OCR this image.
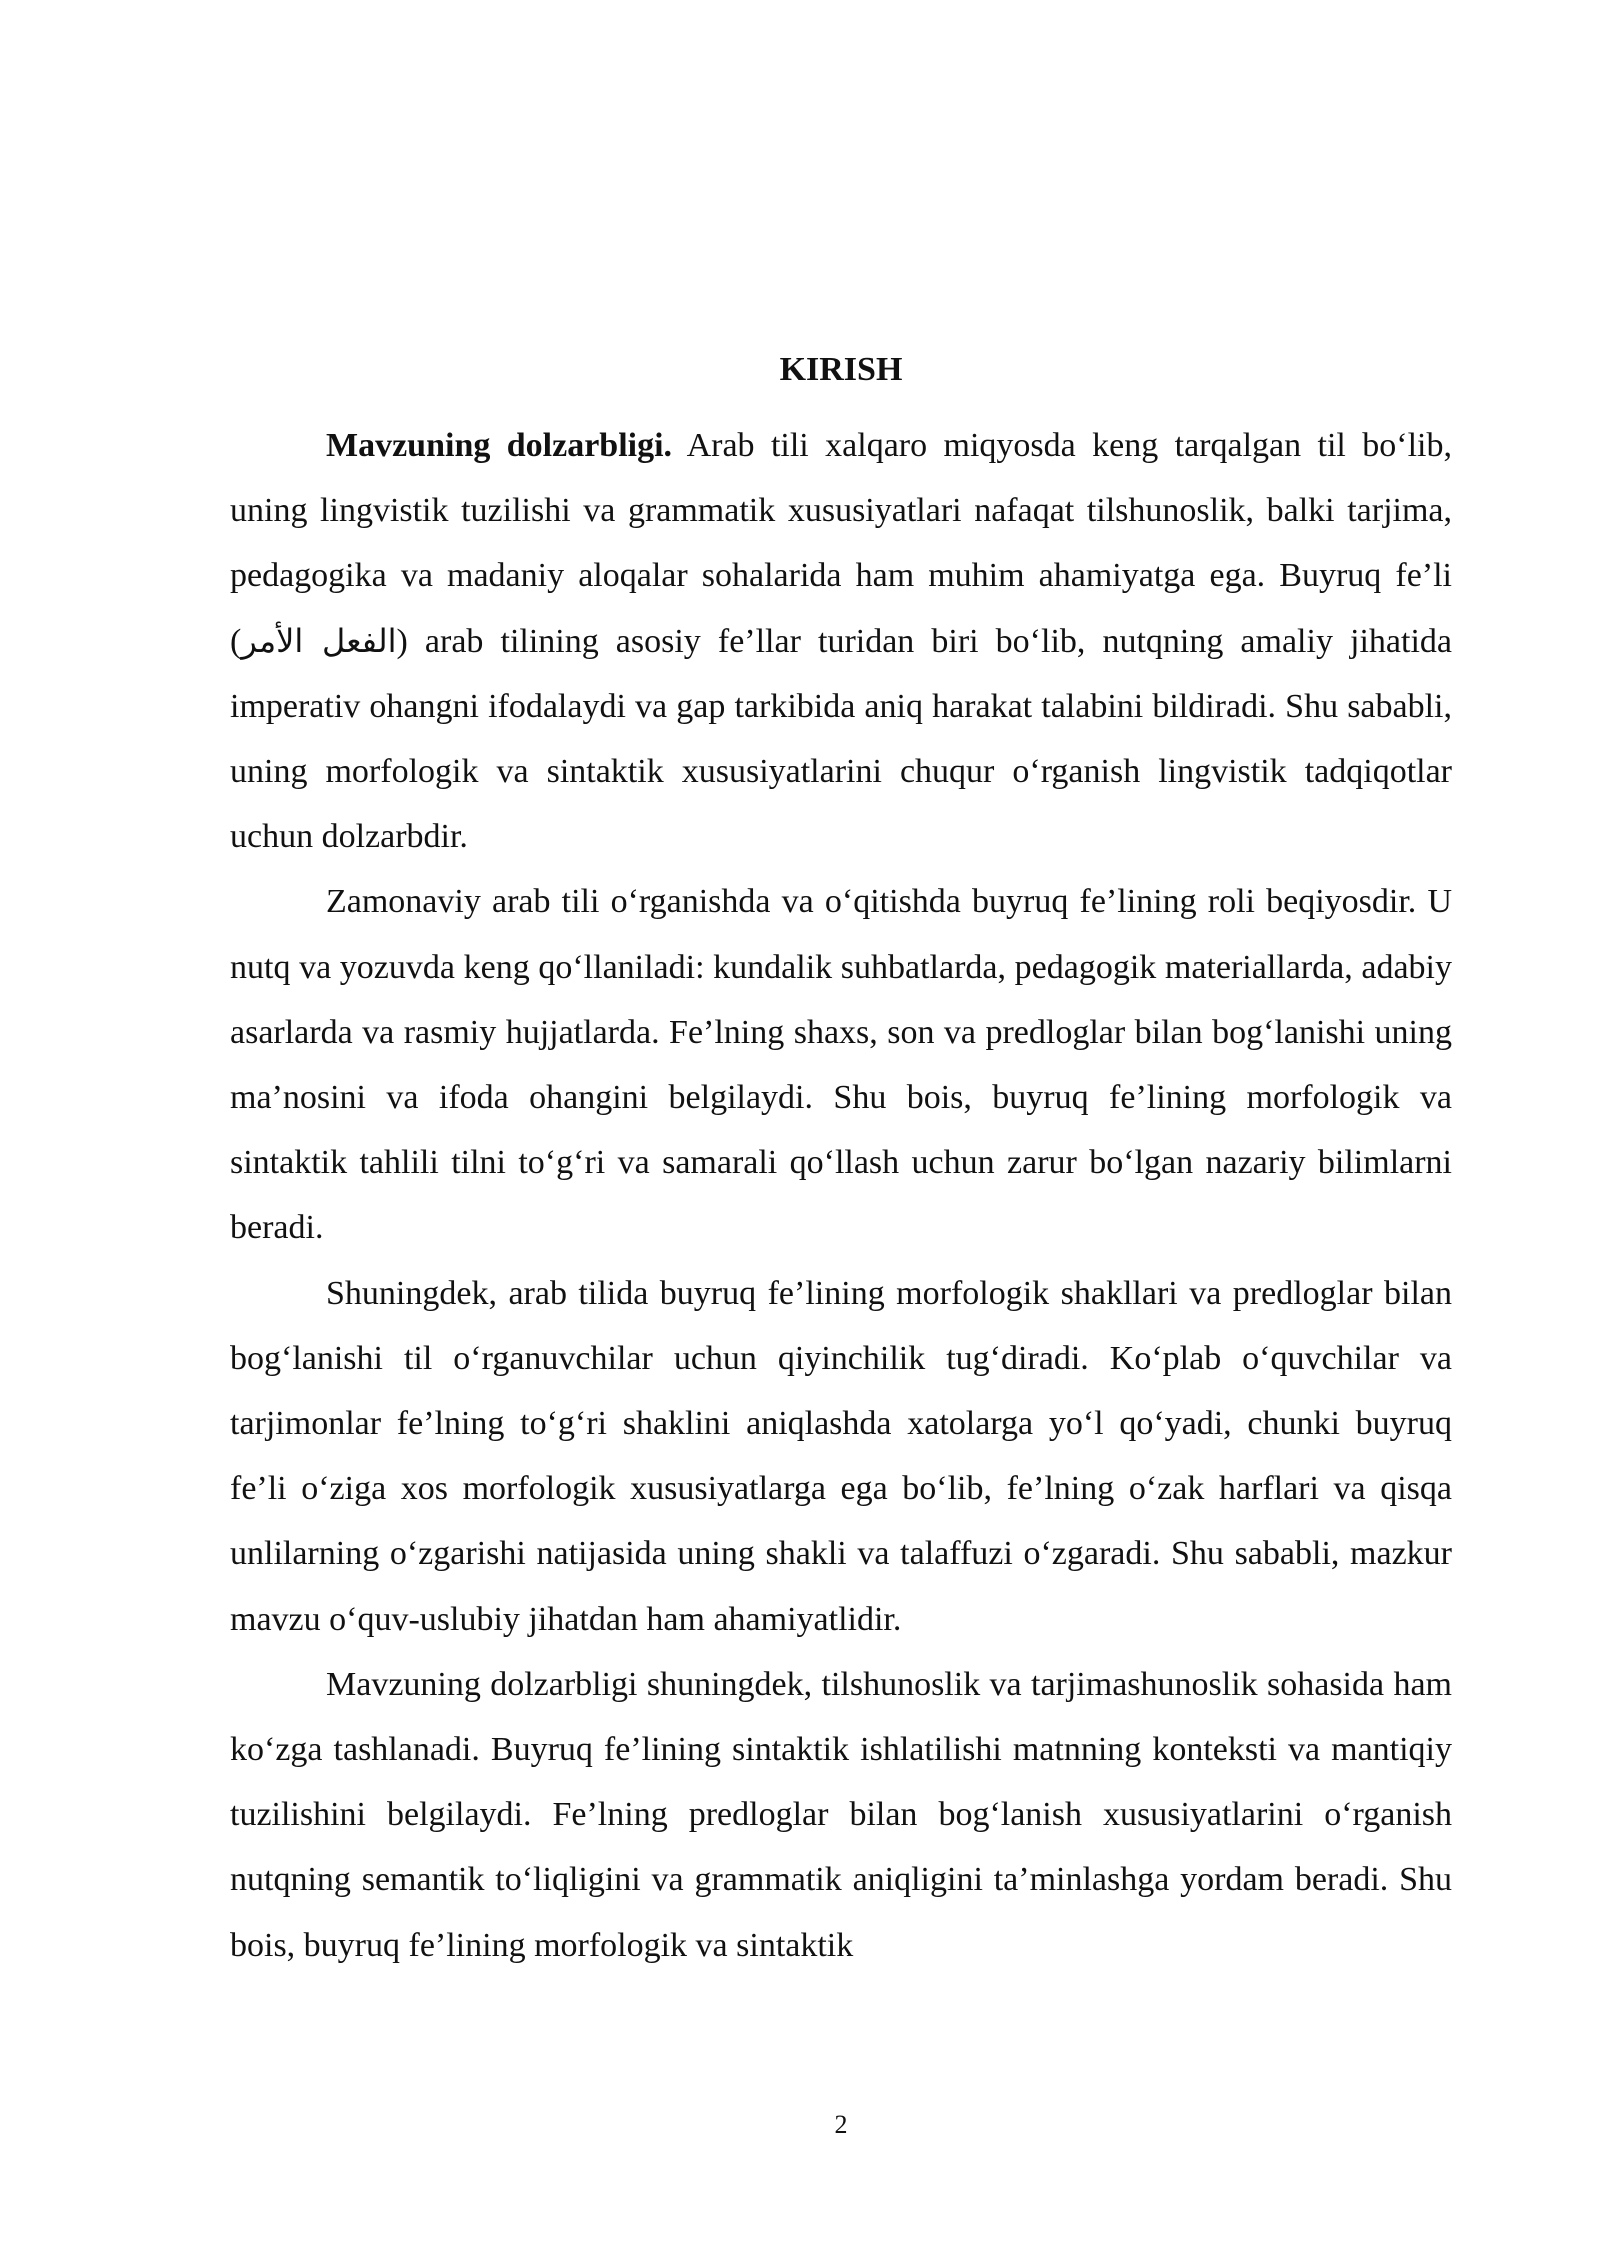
KIRISH

Mavzuning dolzarbligi. Arab tili xalqaro miqyosda keng tarqalgan til bo‘lib, uning lingvistik tuzilishi va grammatik xususiyatlari nafaqat tilshunoslik, balki tarjima, pedagogika va madaniy aloqalar sohalarida ham muhim ahamiyatga ega. Buyruq fe’li (الفعل الأمر) arab tilining asosiy fe’llar turidan biri bo‘lib, nutqning amaliy jihatida imperativ ohangni ifodalaydi va gap tarkibida aniq harakat talabini bildiradi. Shu sababli, uning morfologik va sintaktik xususiyatlarini chuqur o‘rganish lingvistik tadqiqotlar uchun dolzarbdir.

Zamonaviy arab tili o‘rganishda va o‘qitishda buyruq fe’lining roli beqiyosdir. U nutq va yozuvda keng qo‘llaniladi: kundalik suhbatlarda, pedagogik materiallarda, adabiy asarlarda va rasmiy hujjatlarda. Fe’lning shaxs, son va predloglar bilan bog‘lanishi uning ma’nosini va ifoda ohangini belgilaydi. Shu bois, buyruq fe’lining morfologik va sintaktik tahlili tilni to‘g‘ri va samarali qo‘llash uchun zarur bo‘lgan nazariy bilimlarni beradi.

Shuningdek, arab tilida buyruq fe’lining morfologik shakllari va predloglar bilan bog‘lanishi til o‘rganuvchilar uchun qiyinchilik tug‘diradi. Ko‘plab o‘quvchilar va tarjimonlar fe’lning to‘g‘ri shaklini aniqlashda xatolarga yo‘l qo‘yadi, chunki buyruq fe’li o‘ziga xos morfologik xususiyatlarga ega bo‘lib, fe’lning o‘zak harflari va qisqa unlilarning o‘zgarishi natijasida uning shakli va talaffuzi o‘zgaradi. Shu sababli, mazkur mavzu o‘quv-uslubiy jihatdan ham ahamiyatlidir.

Mavzuning dolzarbligi shuningdek, tilshunoslik va tarjimashunoslik sohasida ham ko‘zga tashlanadi. Buyruq fe’lining sintaktik ishlatilishi matnning konteksti va mantiqiy tuzilishini belgilaydi. Fe’lning predloglar bilan bog‘lanish xususiyatlarini o‘rganish nutqning semantik to‘liqligini va grammatik aniqligini ta’minlashga yordam beradi. Shu bois, buyruq fe’lining morfologik va sintaktik

2
